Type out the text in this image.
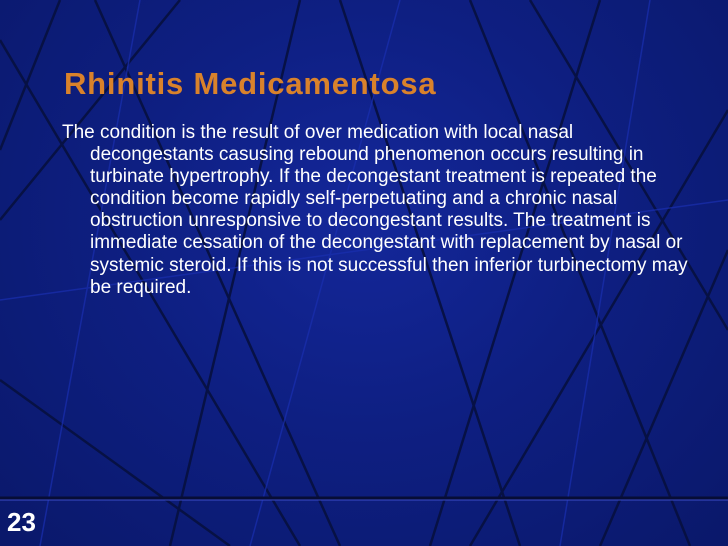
Rhinitis Medicamentosa

The condition is the result of over medication with local nasal decongestants casusing rebound phenomenon occurs resulting in turbinate hypertrophy. If the decongestant treatment is repeated the condition become rapidly self-perpetuating and a chronic nasal obstruction unresponsive to decongestant results. The treatment is immediate cessation of the decongestant with replacement by nasal or systemic steroid. If this is not successful then inferior turbinectomy may be required.

23
